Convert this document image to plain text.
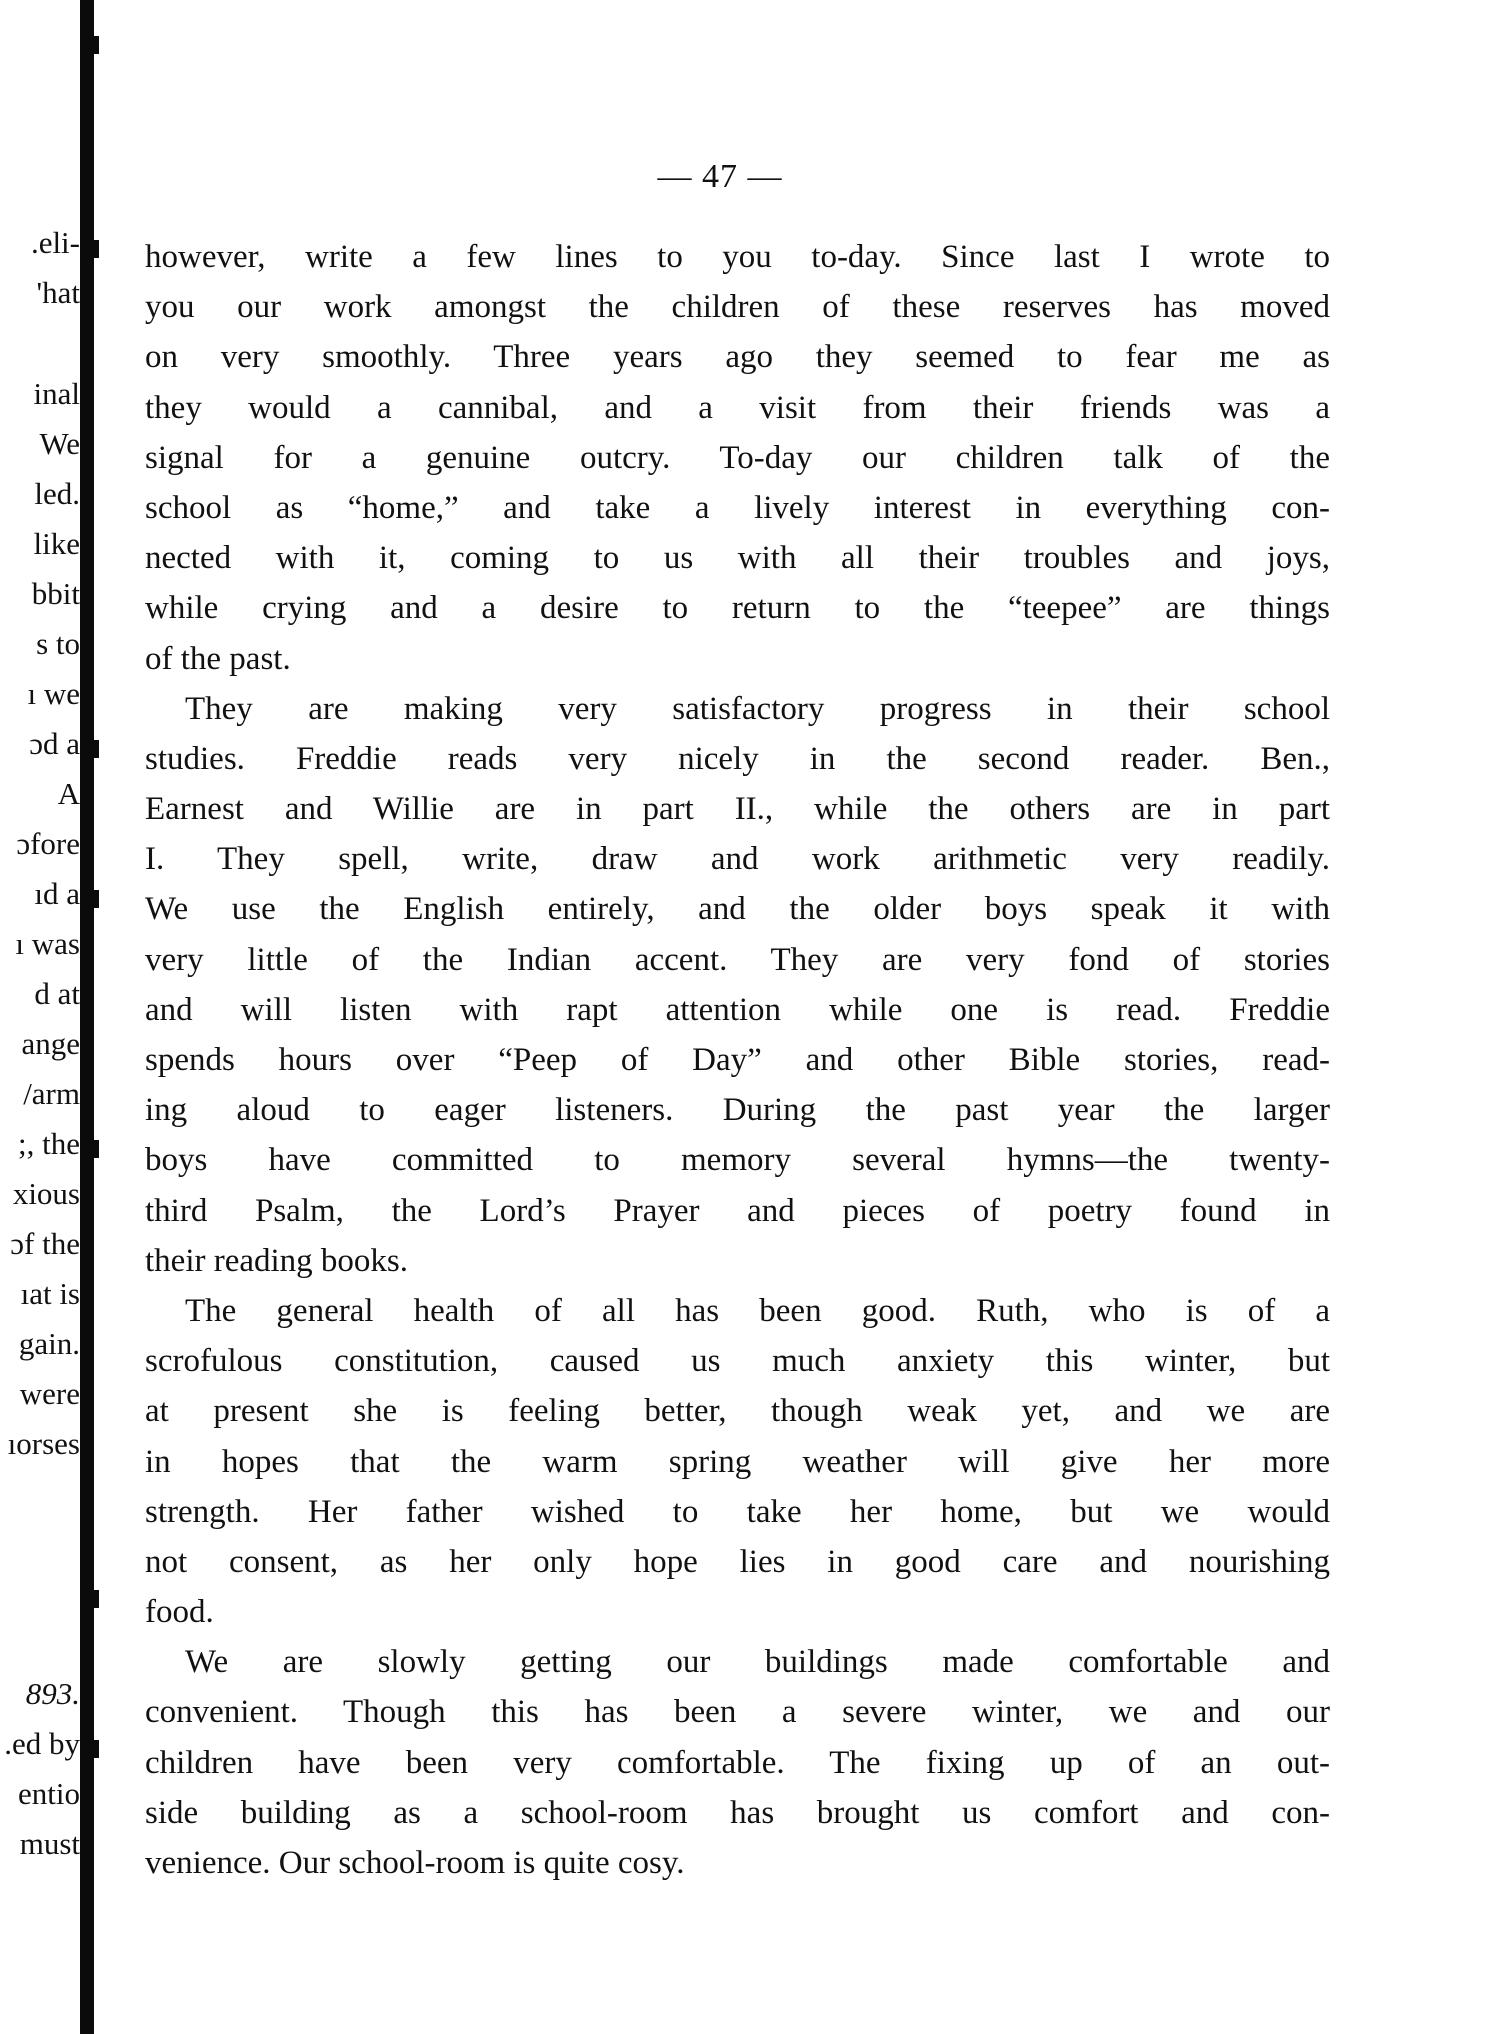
.eli-
'hat
inal
We
led.
like
bbit
s to
ı we
ɔd a
A
ɔfore
ıd a
ı was
d at
ange
/arm
;, the
xious
ɔf the
ıat is
gain.
were
ıorses
893.
.ed by
entio
must
— 47 —
however, write a few lines to you to-day. Since last I wrote to
you our work amongst the children of these reserves has moved
on very smoothly. Three years ago they seemed to fear me as
they would a cannibal, and a visit from their friends was a
signal for a genuine outcry. To-day our children talk of the
school as “home,” and take a lively interest in everything con-
nected with it, coming to us with all their troubles and joys,
while crying and a desire to return to the “teepee” are things
of the past.
They are making very satisfactory progress in their school
studies. Freddie reads very nicely in the second reader. Ben.,
Earnest and Willie are in part II., while the others are in part
I. They spell, write, draw and work arithmetic very readily.
We use the English entirely, and the older boys speak it with
very little of the Indian accent. They are very fond of stories
and will listen with rapt attention while one is read. Freddie
spends hours over “Peep of Day” and other Bible stories, read-
ing aloud to eager listeners. During the past year the larger
boys have committed to memory several hymns—the twenty-
third Psalm, the Lord’s Prayer and pieces of poetry found in
their reading books.
The general health of all has been good. Ruth, who is of a
scrofulous constitution, caused us much anxiety this winter, but
at present she is feeling better, though weak yet, and we are
in hopes that the warm spring weather will give her more
strength. Her father wished to take her home, but we would
not consent, as her only hope lies in good care and nourishing
food.
We are slowly getting our buildings made comfortable and
convenient. Though this has been a severe winter, we and our
children have been very comfortable. The fixing up of an out-
side building as a school-room has brought us comfort and con-
venience. Our school-room is quite cosy.
